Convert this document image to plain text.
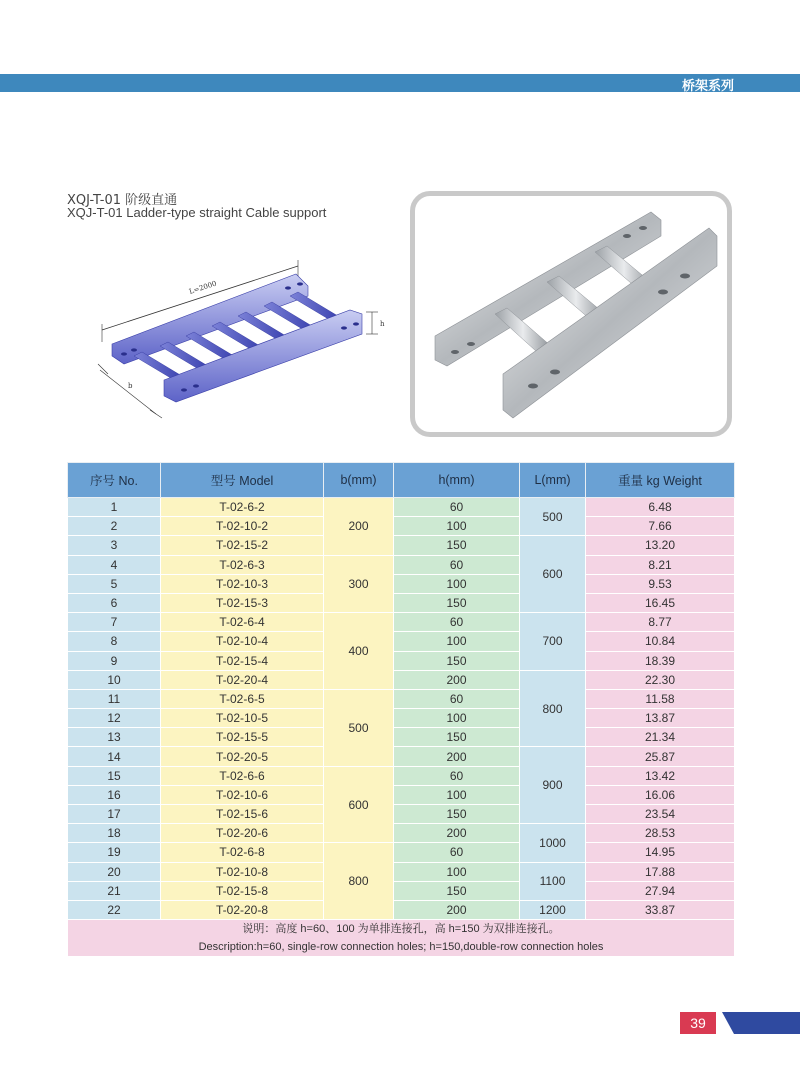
桥架系列
XQJ-T-01 阶级直通
XQJ-T-01 Ladder-type straight Cable support
L=2000
h
b
序号 No.	型号 Model	b(mm)	h(mm)	L(mm)	重量 kg Weight
1	T-02-6-2	200	60	500	6.48
2	T-02-10-2		100		7.66
3	T-02-15-2		150	600	13.20
4	T-02-6-3	300	60		8.21
5	T-02-10-3		100		9.53
6	T-02-15-3		150		16.45
7	T-02-6-4	400	60	700	8.77
8	T-02-10-4		100		10.84
9	T-02-15-4		150		18.39
10	T-02-20-4		200	800	22.30
11	T-02-6-5	500	60		11.58
12	T-02-10-5		100		13.87
13	T-02-15-5		150		21.34
14	T-02-20-5		200	900	25.87
15	T-02-6-6	600	60		13.42
16	T-02-10-6		100		16.06
17	T-02-15-6		150		23.54
18	T-02-20-6		200	1000	28.53
19	T-02-6-8	800	60		14.95
20	T-02-10-8		100	1100	17.88
21	T-02-15-8		150		27.94
22	T-02-20-8		200	1200	33.87

说明：高度 h=60、100 为单排连接孔，高 h=150 为双排连接孔。
Description:h=60, single-row connection holes; h=150,double-row connection holes					
39
